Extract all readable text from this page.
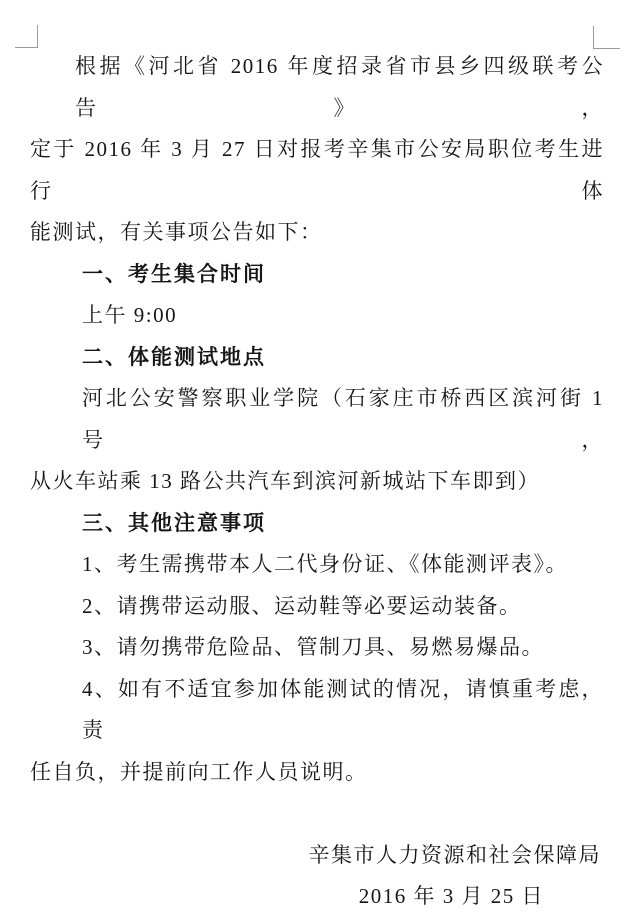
根据《河北省 2016 年度招录省市县乡四级联考公告》，
定于 2016 年 3 月 27 日对报考辛集市公安局职位考生进行体
能测试，有关事项公告如下：
一、考生集合时间
上午 9:00
二、体能测试地点
河北公安警察职业学院（石家庄市桥西区滨河街 1 号，
从火车站乘 13 路公共汽车到滨河新城站下车即到）
三、其他注意事项
1、考生需携带本人二代身份证、《体能测评表》。
2、请携带运动服、运动鞋等必要运动装备。
3、请勿携带危险品、管制刀具、易燃易爆品。
4、如有不适宜参加体能测试的情况，请慎重考虑，责
任自负，并提前向工作人员说明。
辛集市人力资源和社会保障局
2016 年 3 月 25 日
